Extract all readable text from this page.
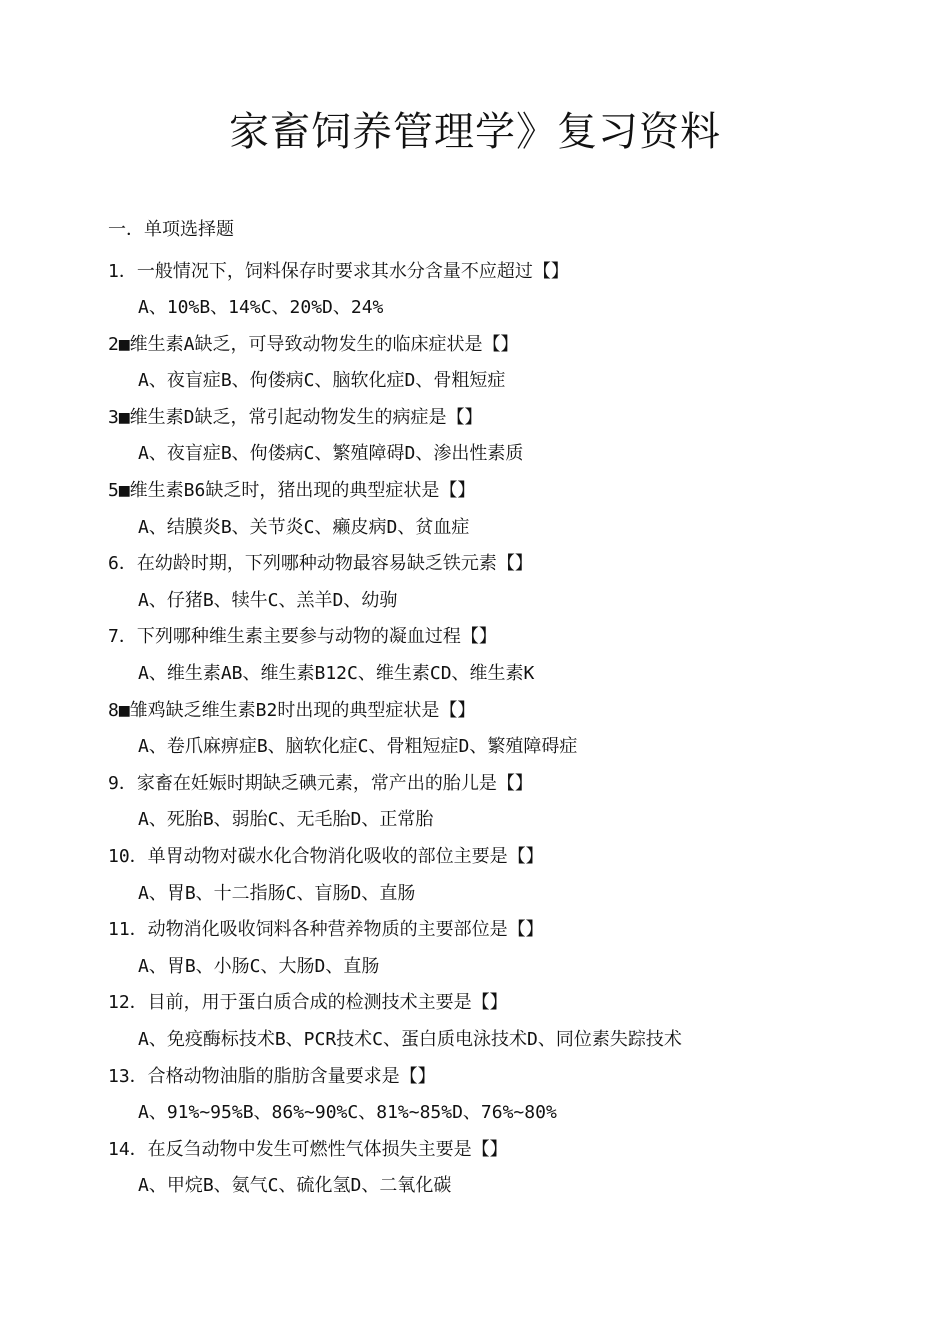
家畜饲养管理学》复习资料
一．单项选择题
1．一般情况下，饲料保存时要求其水分含量不应超过【】
A、10%B、14%C、20%D、24%
2■维生素A缺乏，可导致动物发生的临床症状是【】
A、夜盲症B、佝偻病C、脑软化症D、骨粗短症
3■维生素D缺乏，常引起动物发生的病症是【】
A、夜盲症B、佝偻病C、繁殖障碍D、渗出性素质
5■维生素B6缺乏时，猪出现的典型症状是【】
A、结膜炎B、关节炎C、癞皮病D、贫血症
6．在幼龄时期，下列哪种动物最容易缺乏铁元素【】
A、仔猪B、犊牛C、羔羊D、幼驹
7．下列哪种维生素主要参与动物的凝血过程【】
A、维生素AB、维生素B12C、维生素CD、维生素K
8■雏鸡缺乏维生素B2时出现的典型症状是【】
A、卷爪麻痹症B、脑软化症C、骨粗短症D、繁殖障碍症
9．家畜在妊娠时期缺乏碘元素，常产出的胎儿是【】
A、死胎B、弱胎C、无毛胎D、正常胎
10．单胃动物对碳水化合物消化吸收的部位主要是【】
A、胃B、十二指肠C、盲肠D、直肠
11．动物消化吸收饲料各种营养物质的主要部位是【】
A、胃B、小肠C、大肠D、直肠
12．目前，用于蛋白质合成的检测技术主要是【】
A、免疫酶标技术B、PCR技术C、蛋白质电泳技术D、同位素失踪技术
13．合格动物油脂的脂肪含量要求是【】
A、91%~95%B、86%~90%C、81%~85%D、76%~80%
14．在反刍动物中发生可燃性气体损失主要是【】
A、甲烷B、氨气C、硫化氢D、二氧化碳
